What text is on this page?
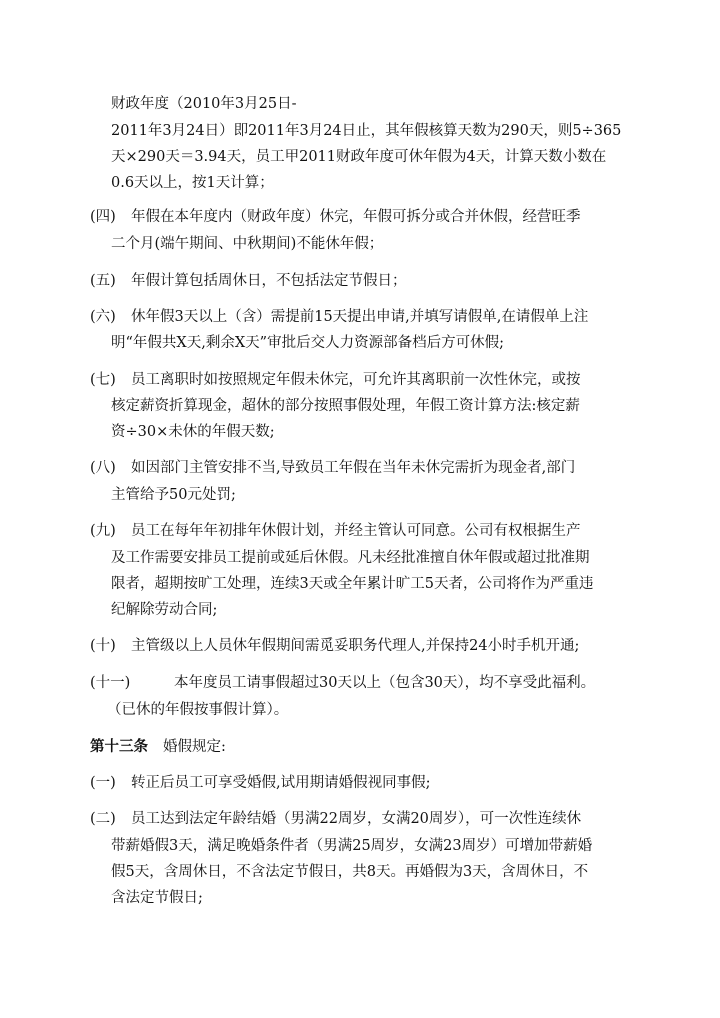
财政年度（2010年3月25日-
2011年3月24日）即2011年3月24日止，其年假核算天数为290天，则5÷365
天×290天＝3.94天，员工甲2011财政年度可休年假为4天，计算天数小数在
0.6天以上，按1天计算；
(四) 年假在本年度内（财政年度）休完，年假可拆分或合并休假，经营旺季
二个月(端午期间、中秋期间)不能休年假；
(五) 年假计算包括周休日，不包括法定节假日；
(六) 休年假3天以上（含）需提前15天提出申请,并填写请假单,在请假单上注
明“年假共X天,剩余X天”审批后交人力资源部备档后方可休假;
(七) 员工离职时如按照规定年假未休完，可允许其离职前一次性休完，或按
核定薪资折算现金，超休的部分按照事假处理，年假工资计算方法:核定薪
资÷30×未休的年假天数;
(八) 如因部门主管安排不当,导致员工年假在当年未休完需折为现金者,部门
主管给予50元处罚;
(九) 员工在每年年初排年休假计划，并经主管认可同意。公司有权根据生产
及工作需要安排员工提前或延后休假。凡未经批准擅自休年假或超过批准期
限者，超期按旷工处理，连续3天或全年累计旷工5天者，公司将作为严重违
纪解除劳动合同;
(十) 主管级以上人员休年假期间需觅妥职务代理人,并保持24小时手机开通;
(十一)	本年度员工请事假超过30天以上（包含30天），均不享受此福利。
（已休的年假按事假计算）。
第十三条 婚假规定:
(一) 转正后员工可享受婚假,试用期请婚假视同事假;
(二) 员工达到法定年龄结婚（男满22周岁，女满20周岁），可一次性连续休
带薪婚假3天，满足晚婚条件者（男满25周岁，女满23周岁）可增加带薪婚
假5天，含周休日，不含法定节假日，共8天。再婚假为3天，含周休日，不
含法定节假日;
